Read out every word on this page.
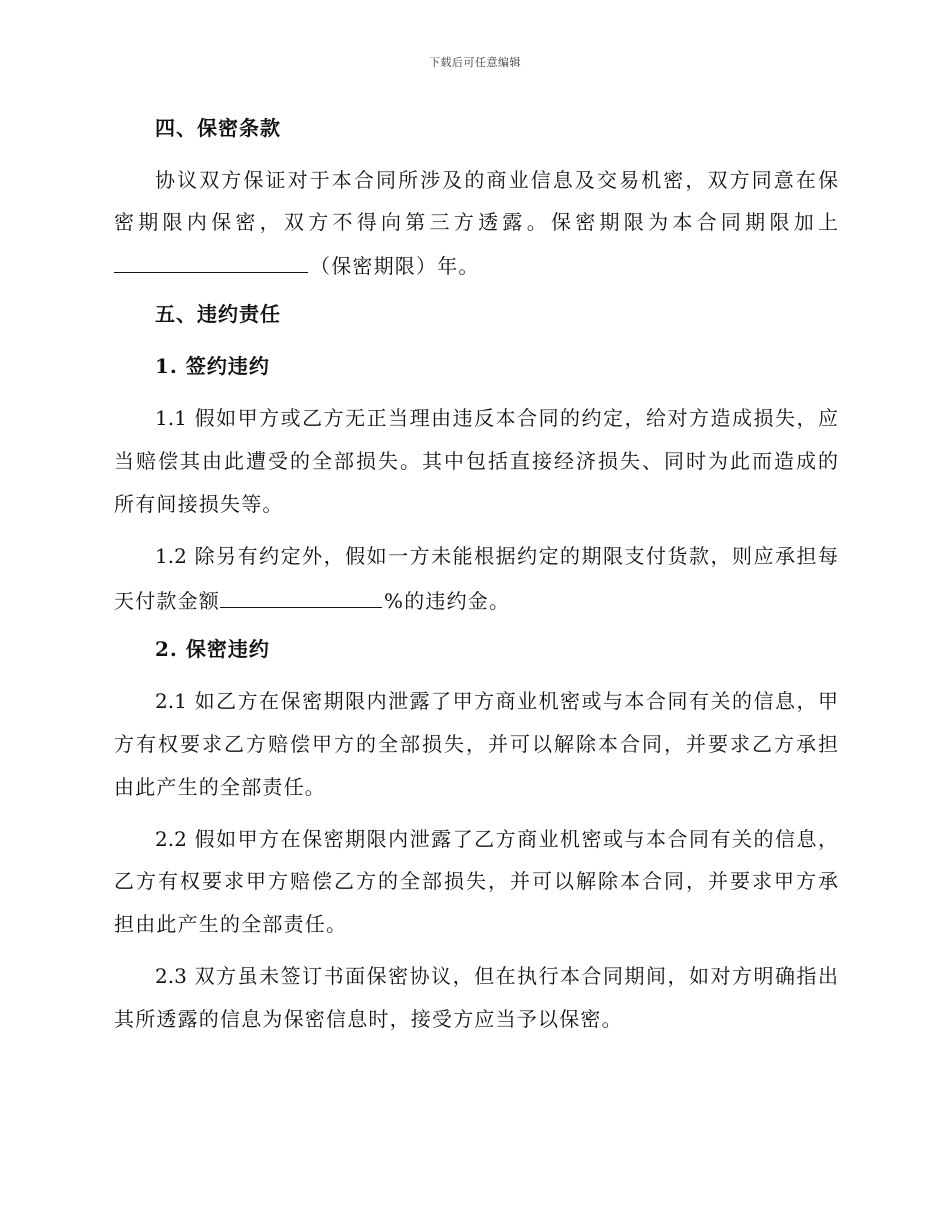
下载后可任意编辑
四、保密条款
协议双方保证对于本合同所涉及的商业信息及交易机密，双方同意在保
密期限内保密，双方不得向第三方透露。保密期限为本合同期限加上
（保密期限）年。
五、违约责任
1. 签约违约
1.1 假如甲方或乙方无正当理由违反本合同的约定，给对方造成损失，应
当赔偿其由此遭受的全部损失。其中包括直接经济损失、同时为此而造成的
所有间接损失等。
1.2 除另有约定外，假如一方未能根据约定的期限支付货款，则应承担每
天付款金额	%的违约金。
2. 保密违约
2.1 如乙方在保密期限内泄露了甲方商业机密或与本合同有关的信息，甲
方有权要求乙方赔偿甲方的全部损失，并可以解除本合同，并要求乙方承担
由此产生的全部责任。
2.2 假如甲方在保密期限内泄露了乙方商业机密或与本合同有关的信息，
乙方有权要求甲方赔偿乙方的全部损失，并可以解除本合同，并要求甲方承
担由此产生的全部责任。
2.3 双方虽未签订书面保密协议，但在执行本合同期间，如对方明确指出
其所透露的信息为保密信息时，接受方应当予以保密。
